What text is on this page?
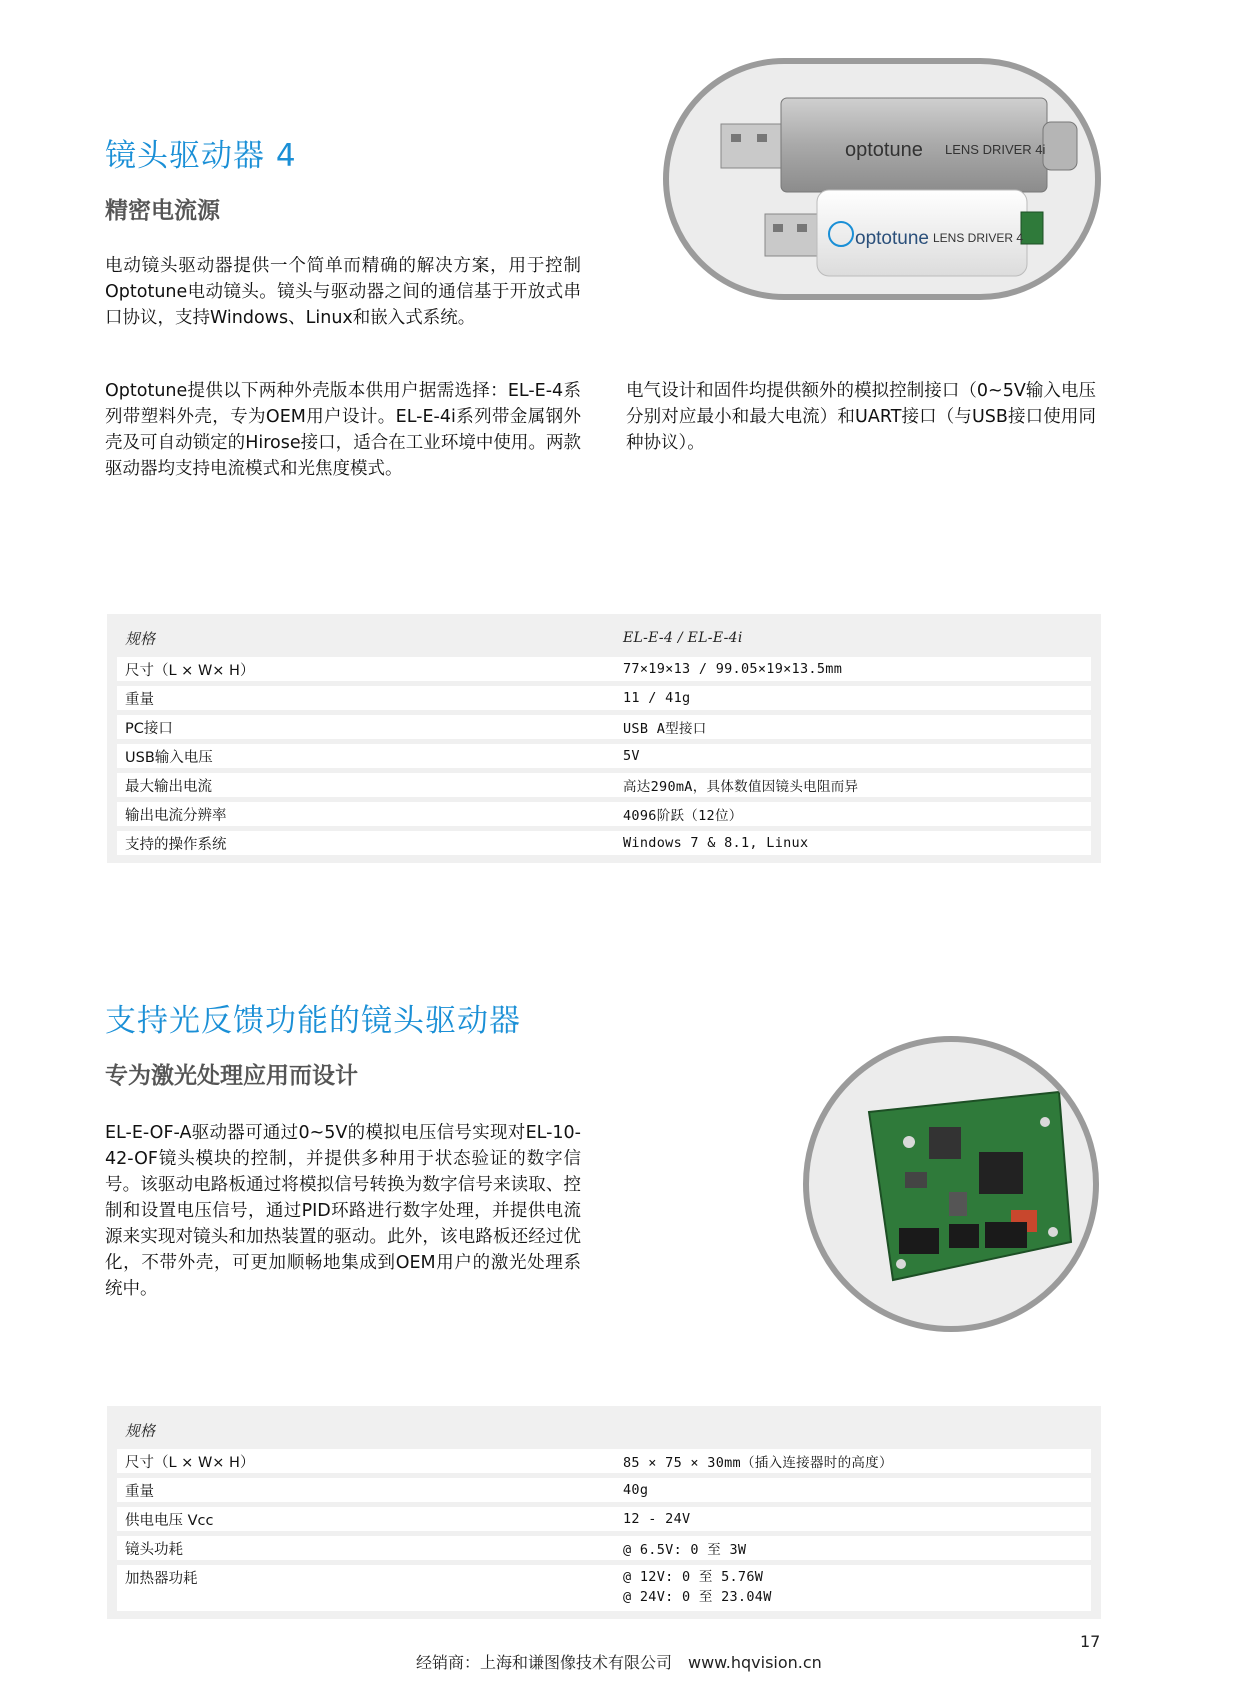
镜头驱动器 4
精密电流源

电动镜头驱动器提供一个简单而精确的解决方案，用于控制Optotune电动镜头。镜头与驱动器之间的通信基于开放式串口协议，支持Windows、Linux和嵌入式系统。

Optotune提供以下两种外壳版本供用户据需选择：EL-E-4系列带塑料外壳，专为OEM用户设计。EL-E-4i系列带金属钢外壳及可自动锁定的Hirose接口，适合在工业环境中使用。两款驱动器均支持电流模式和光焦度模式。

电气设计和固件均提供额外的模拟控制接口（0~5V输入电压分别对应最小和最大电流）和UART接口（与USB接口使用同种协议）。

optotune LENS DRIVER 4i
optotune LENS DRIVER 4
规格	EL-E-4 / EL-E-4i
尺寸（L × W× H）	77×19×13 / 99.05×19×13.5mm
重量	11 / 41g
PC接口	USB A型接口
USB输入电压	5V
最大输出电流	高达290mA，具体数值因镜头电阻而异
输出电流分辨率	4096阶跃（12位）
支持的操作系统	Windows 7 & 8.1, Linux
支持光反馈功能的镜头驱动器
专为激光处理应用而设计

EL-E-OF-A驱动器可通过0~5V的模拟电压信号实现对EL-10-42-OF镜头模块的控制，并提供多种用于状态验证的数字信号。该驱动电路板通过将模拟信号转换为数字信号来读取、控制和设置电压信号，通过PID环路进行数字处理，并提供电流源来实现对镜头和加热装置的驱动。此外，该电路板还经过优化，不带外壳，可更加顺畅地集成到OEM用户的激光处理系统中。

规格
尺寸（L × W× H）	85 × 75 × 30mm（插入连接器时的高度）
重量	40g
供电电压 Vcc	12 - 24V
镜头功耗	@ 6.5V: 0 至 3W
加热器功耗	@ 12V: 0 至 5.76W
@ 24V: 0 至 23.04W
经销商：上海和谦图像技术有限公司　www.hqvision.cn
17
